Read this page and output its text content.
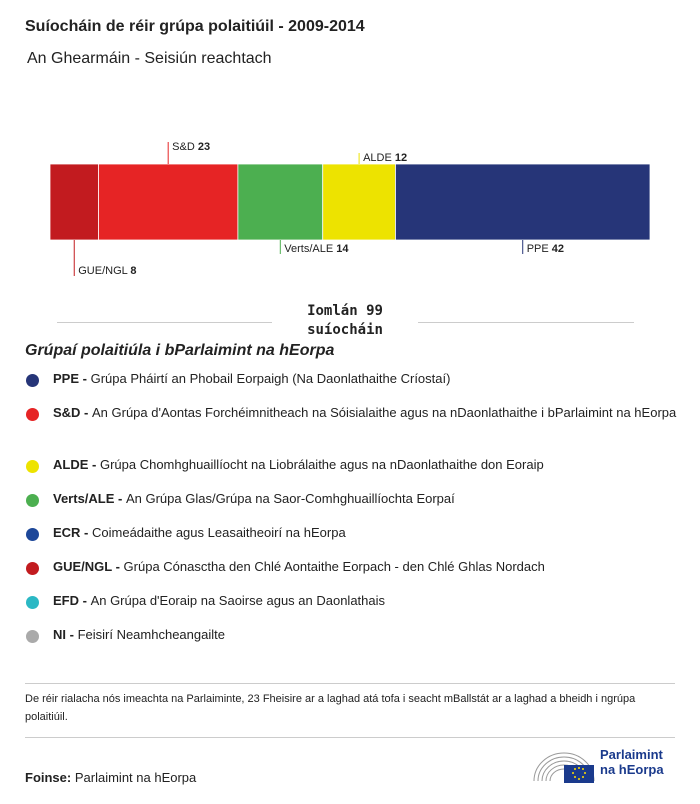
Suíocháin de réir grúpa polaitiúil - 2009-2014
An Ghearmáin - Seisiún reachtach
GUE/NGL 8
S&D 23
Verts/ALE 14
ALDE 12
PPE 42
Iomlán 99
suíocháin
Grúpaí polaitiúla i bParlaimint na hEorpa
PPE - Grúpa Pháirtí an Phobail Eorpaigh (Na Daonlathaithe Críostaí)
S&D - An Grúpa d'Aontas Forchéimnitheach na Sóisialaithe agus na nDaonlathaithe i bParlaimint na hEorpa
ALDE - Grúpa Chomhghuaillíocht na Liobrálaithe agus na nDaonlathaithe don Eoraip
Verts/ALE - An Grúpa Glas/Grúpa na Saor-Comhghuaillíochta Eorpaí
ECR - Coimeádaithe agus Leasaitheoirí na hEorpa
GUE/NGL - Grúpa Cónasctha den Chlé Aontaithe Eorpach - den Chlé Ghlas Nordach
EFD - An Grúpa d'Eoraip na Saoirse agus an Daonlathais
NI - Feisirí Neamhcheangailte
De réir rialacha nós imeachta na Parlaiminte, 23 Fheisire ar a laghad atá tofa i seacht mBallstát ar a laghad a bheidh i ngrúpa polaitiúil.
Foinse: Parlaimint na hEorpa
Parlaimint
na hEorpa
